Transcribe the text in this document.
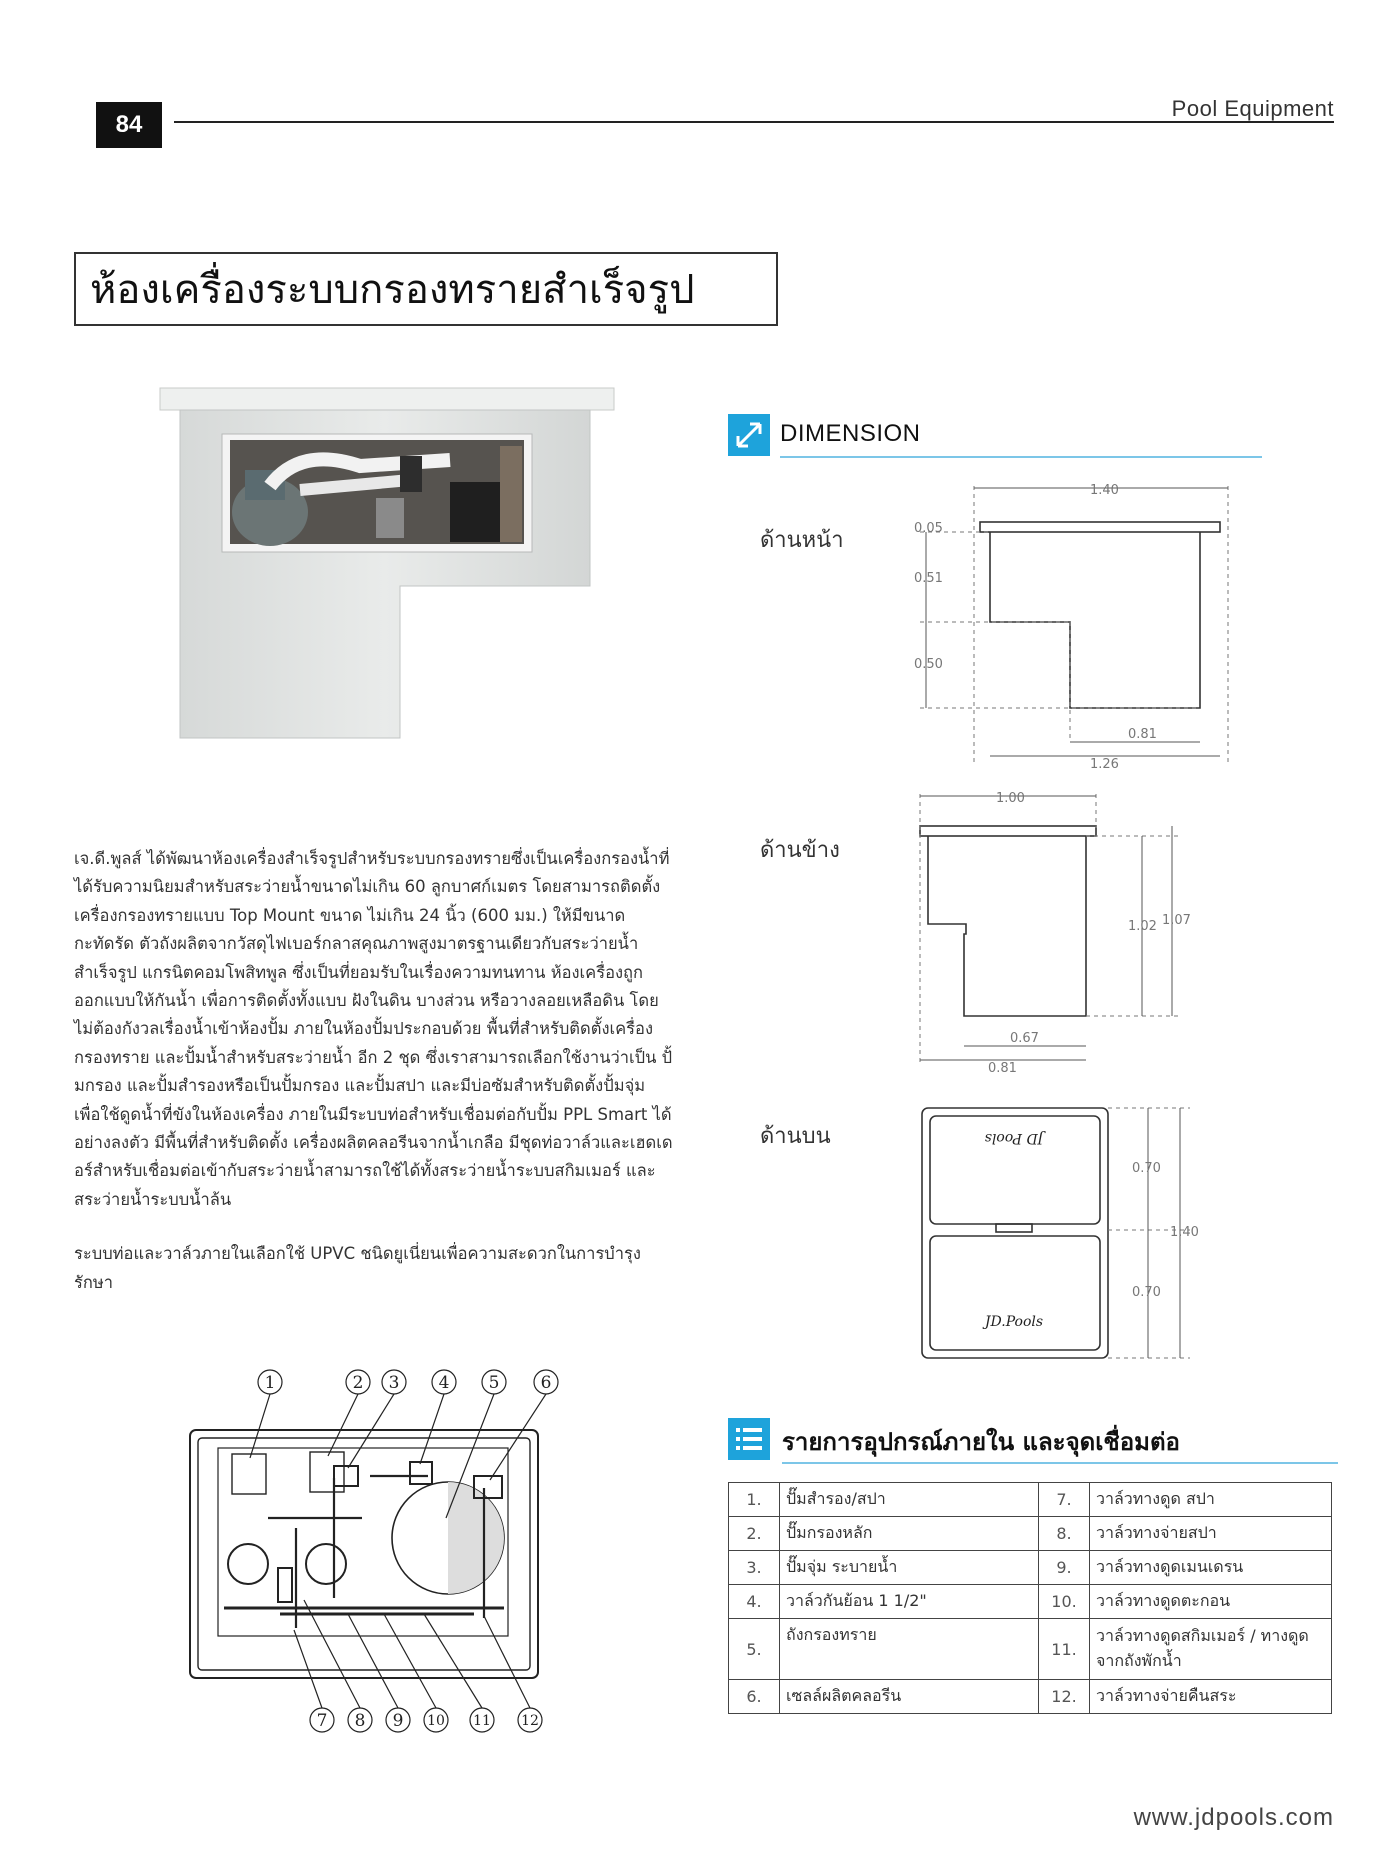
84
Pool Equipment
ห้องเครื่องระบบกรองทรายสำเร็จรูป
DIMENSION
ด้านหน้า
ด้านข้าง
ด้านบน
1.40
0.05
0.51
0.50
0.81
1.26
1.00
1.02 1.07
0.67
0.81
JD Pools
JD.Pools
0.70
1.40
0.70

เจ.ดี.พูลส์ ได้พัฒนาห้องเครื่องสำเร็จรูปสำหรับระบบกรองทรายซึ่งเป็นเครื่องกรองน้ำที่ได้รับความนิยมสำหรับสระว่ายน้ำขนาดไม่เกิน 60 ลูกบาศก์เมตร โดยสามารถติดตั้งเครื่องกรองทรายแบบ Top Mount ขนาด ไม่เกิน 24 นิ้ว (600 มม.) ให้มีขนาดกะทัดรัด ตัวถังผลิตจากวัสดุไฟเบอร์กลาสคุณภาพสูงมาตรฐานเดียวกับสระว่ายน้ำสำเร็จรูป แกรนิตคอมโพสิทพูล ซึ่งเป็นที่ยอมรับในเรื่องความทนทาน ห้องเครื่องถูกออกแบบให้กันน้ำ เพื่อการติดตั้งทั้งแบบ ฝังในดิน บางส่วน หรือวางลอยเหลือดิน โดยไม่ต้องกังวลเรื่องน้ำเข้าห้องปั้ม ภายในห้องปั้มประกอบด้วย พื้นที่สำหรับติดตั้งเครื่องกรองทราย และปั้มน้ำสำหรับสระว่ายน้ำ อีก 2 ชุด ซึ่งเราสามารถเลือกใช้งานว่าเป็น ปั้มกรอง และปั้มสำรองหรือเป็นปั้มกรอง และปั้มสปา และมีบ่อซัมสำหรับติดตั้งปั้มจุ่ม เพื่อใช้ดูดน้ำที่ขังในห้องเครื่อง ภายในมีระบบท่อสำหรับเชื่อมต่อกับปั้ม PPL Smart ได้อย่างลงตัว มีพื้นที่สำหรับติดตั้ง เครื่องผลิตคลอรีนจากน้ำเกลือ มีชุดท่อวาล์วและเฮดเดอร์สำหรับเชื่อมต่อเข้ากับสระว่ายน้ำสามารถใช้ได้ทั้งสระว่ายน้ำระบบสกิมเมอร์ และสระว่ายน้ำระบบน้ำล้น

ระบบท่อและวาล์วภายในเลือกใช้ UPVC ชนิดยูเนี่ยนเพื่อความสะดวกในการบำรุงรักษา

1	2 3 4 5 6
7 8 9 10 11 12
รายการอุปกรณ์ภายใน และจุดเชื่อมต่อ
1.	ปั๊มสำรอง/สปา	7.	วาล์วทางดูด สปา
2.	ปั๊มกรองหลัก	8.	วาล์วทางจ่ายสปา
3.	ปั๊มจุ่ม ระบายน้ำ	9.	วาล์วทางดูดเมนเดรน
4.	วาล์วกันย้อน 1 1/2"	10.	วาล์วทางดูดตะกอน
5.	ถังกรองทราย	11.	วาล์วทางดูดสกิมเมอร์ / ทางดูดจากถังพักน้ำ
6.	เซลล์ผลิตคลอรีน	12.	วาล์วทางจ่ายคืนสระ
www.jdpools.com
